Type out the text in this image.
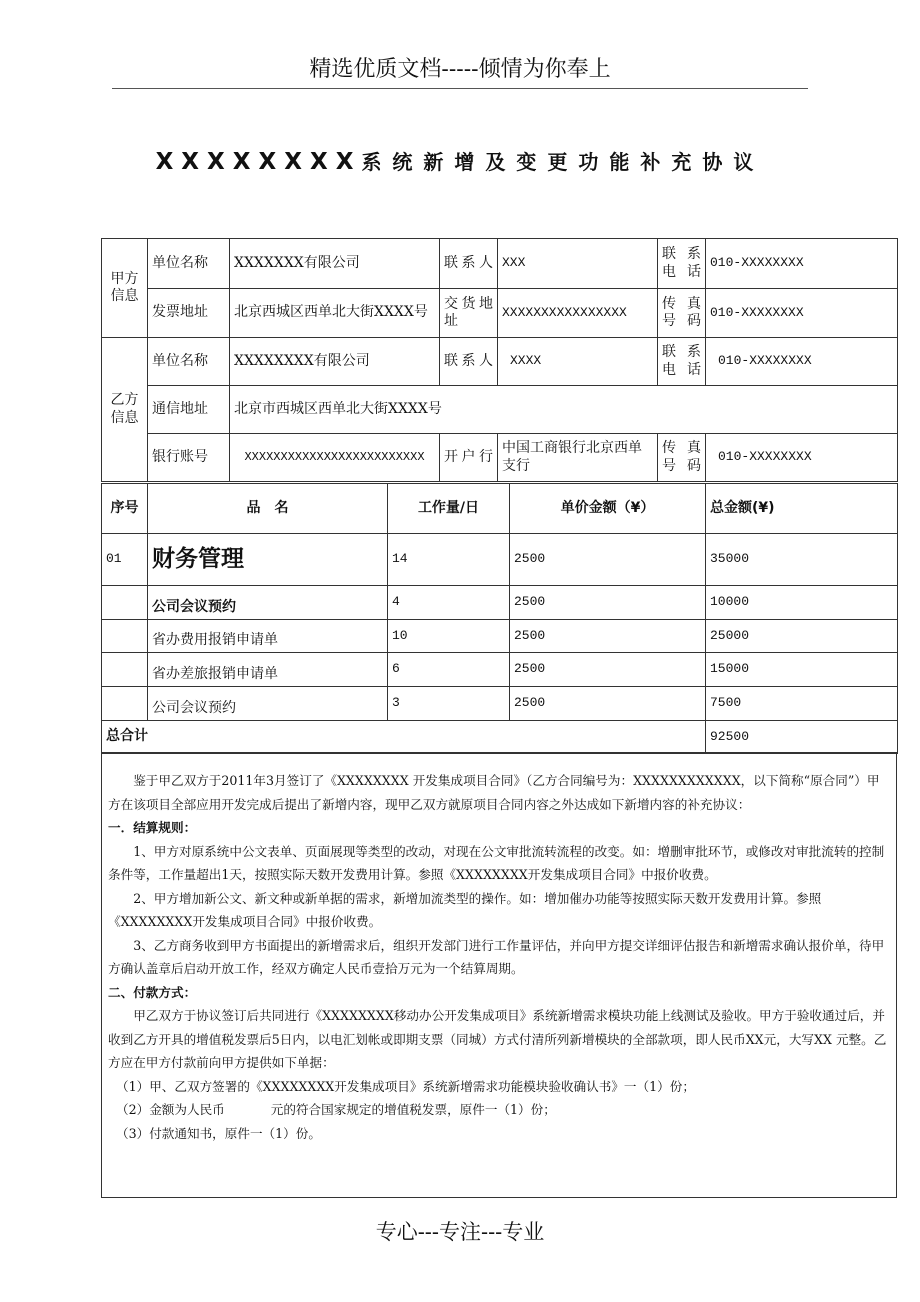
精选优质文档-----倾情为你奉上
XXXXXXXX系统新增及变更功能补充协议
甲方信息	单位名称	XXXXXXX有限公司	联系人	XXX	联系电话	010-XXXXXXXX
	发票地址	北京西城区西单北大街XXXX号	交货地址	XXXXXXXXXXXXXXXX	传真号码	010-XXXXXXXX
乙方信息	单位名称	XXXXXXXX有限公司	联系人	XXXX	联系电话	010-XXXXXXXX
	通信地址	北京市西城区西单北大街XXXX号				
	银行账号	XXXXXXXXXXXXXXXXXXXXXXXXX	开户行	中国工商银行北京西单支行	传真号码	010-XXXXXXXX
序号	品　名	工作量/日	单价金额（¥）	总金额(¥)
01	财务管理	14	2500	35000
	公司会议预约	4	2500	10000
	省办费用报销申请单	10	2500	25000
	省办差旅报销申请单	6	2500	15000
	公司会议预约	3	2500	7500
总合计				92500

鉴于甲乙双方于2011年3月签订了《XXXXXXXX 开发集成项目合同》（乙方合同编号为：XXXXXXXXXXXX，以下简称“原合同”）甲方在该项目全部应用开发完成后提出了新增内容，现甲乙双方就原项目合同内容之外达成如下新增内容的补充协议：

一．结算规则：

1、甲方对原系统中公文表单、页面展现等类型的改动，对现在公文审批流转流程的改变。如：增删审批环节，或修改对审批流转的控制条件等，工作量超出1天，按照实际天数开发费用计算。参照《XXXXXXXX开发集成项目合同》中报价收费。

2、甲方增加新公文、新文种或新单据的需求，新增加流类型的操作。如：增加催办功能等按照实际天数开发费用计算。参照《XXXXXXXX开发集成项目合同》中报价收费。

3、乙方商务收到甲方书面提出的新增需求后，组织开发部门进行工作量评估，并向甲方提交详细评估报告和新增需求确认报价单，待甲方确认盖章后启动开放工作，经双方确定人民币壹拾万元为一个结算周期。

二、付款方式：

甲乙双方于协议签订后共同进行《XXXXXXXX移动办公开发集成项目》系统新增需求模块功能上线测试及验收。甲方于验收通过后，并收到乙方开具的增值税发票后5日内，以电汇划帐或即期支票（同城）方式付清所列新增模块的全部款项，即人民币XX元，大写XX 元整。乙方应在甲方付款前向甲方提供如下单据：

（1）甲、乙双方签署的《XXXXXXXX开发集成项目》系统新增需求功能模块验收确认书》一（1）份；

（2）金额为人民币	元的符合国家规定的增值税发票，原件一（1）份；

（3）付款通知书，原件一（1）份。

专心---专注---专业
